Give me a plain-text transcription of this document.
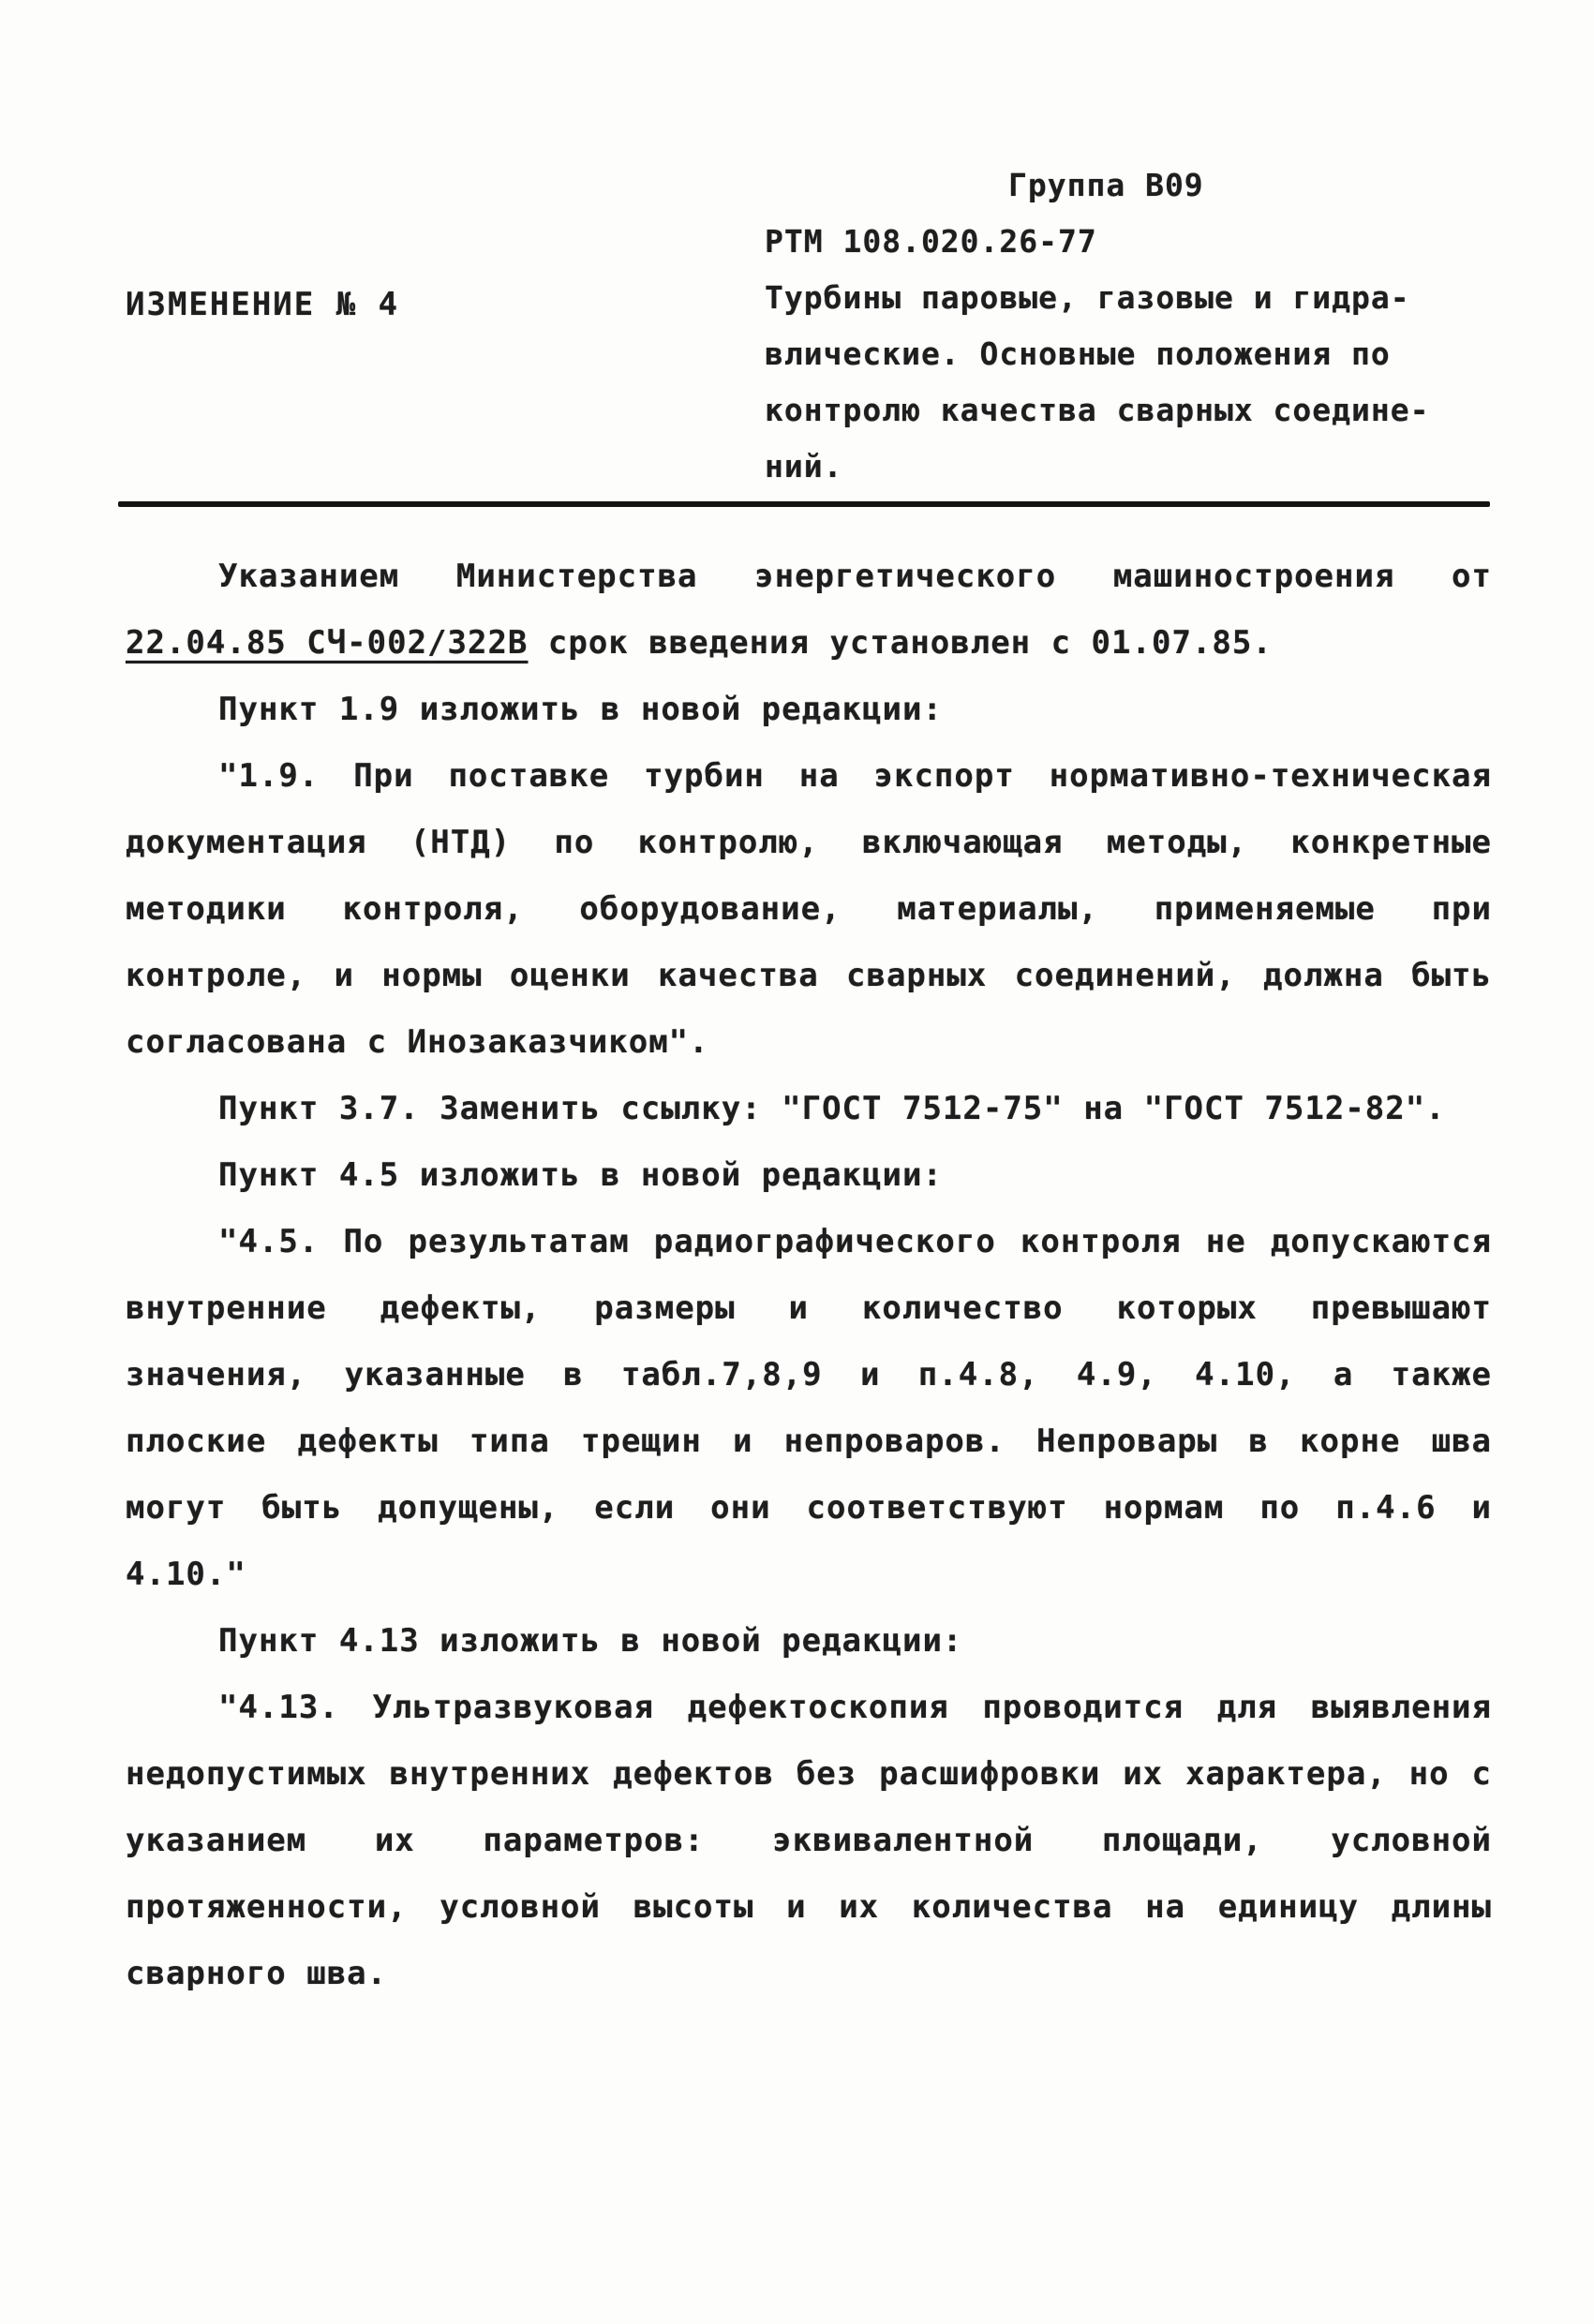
ИЗМЕНЕНИЕ № 4
Группа В09
РТМ 108.020.26-77
Турбины паровые, газовые и гидра-
влические. Основные положения по
контролю качества сварных соедине-
ний.

Указанием Министерства энергетического машиностроения от 22.04.85 СЧ-002/322В срок введения установлен с 01.07.85.

Пункт 1.9 изложить в новой редакции:

"1.9. При поставке турбин на экспорт нормативно-техническая документация (НТД) по контролю, включающая методы, конкретные методики контроля, оборудование, материалы, применяемые при контроле, и нормы оценки качества сварных соединений, должна быть согласована с Инозаказчиком".

Пункт 3.7. Заменить ссылку: "ГОСТ 7512-75" на "ГОСТ 7512-82".

Пункт 4.5 изложить в новой редакции:

"4.5. По результатам радиографического контроля не допускаются внутренние дефекты, размеры и количество которых превышают значения, указанные в табл.7,8,9 и п.4.8, 4.9, 4.10, а также плоские дефекты типа трещин и непроваров. Непровары в корне шва могут быть допущены, если они соответствуют нормам по п.4.6 и 4.10."

Пункт 4.13 изложить в новой редакции:

"4.13. Ультразвуковая дефектоскопия проводится для выявления недопустимых внутренних дефектов без расшифровки их характера, но с указанием их параметров: эквивалентной площади, условной протяженности, условной высоты и их количества на единицу длины сварного шва.
